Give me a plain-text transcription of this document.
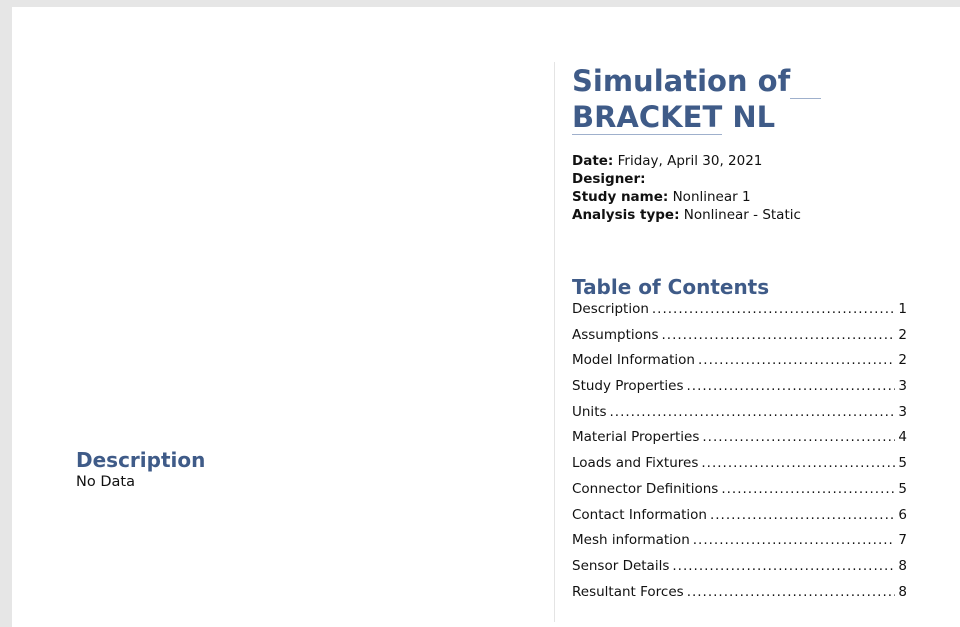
Simulation of
BRACKET NL
Date: Friday, April 30, 2021
Designer:
Study name: Nonlinear 1
Analysis type: Nonlinear - Static
Table of Contents
Description .....	1
Assumptions .....	2
Model Information .....	2
Study Properties .....	3
Units .....	3
Material Properties .....	4
Loads and Fixtures .....	5
Connector Definitions .....	5
Contact Information .....	6
Mesh information .....	7
Sensor Details .....	8
Resultant Forces .....	8
Description
No Data
